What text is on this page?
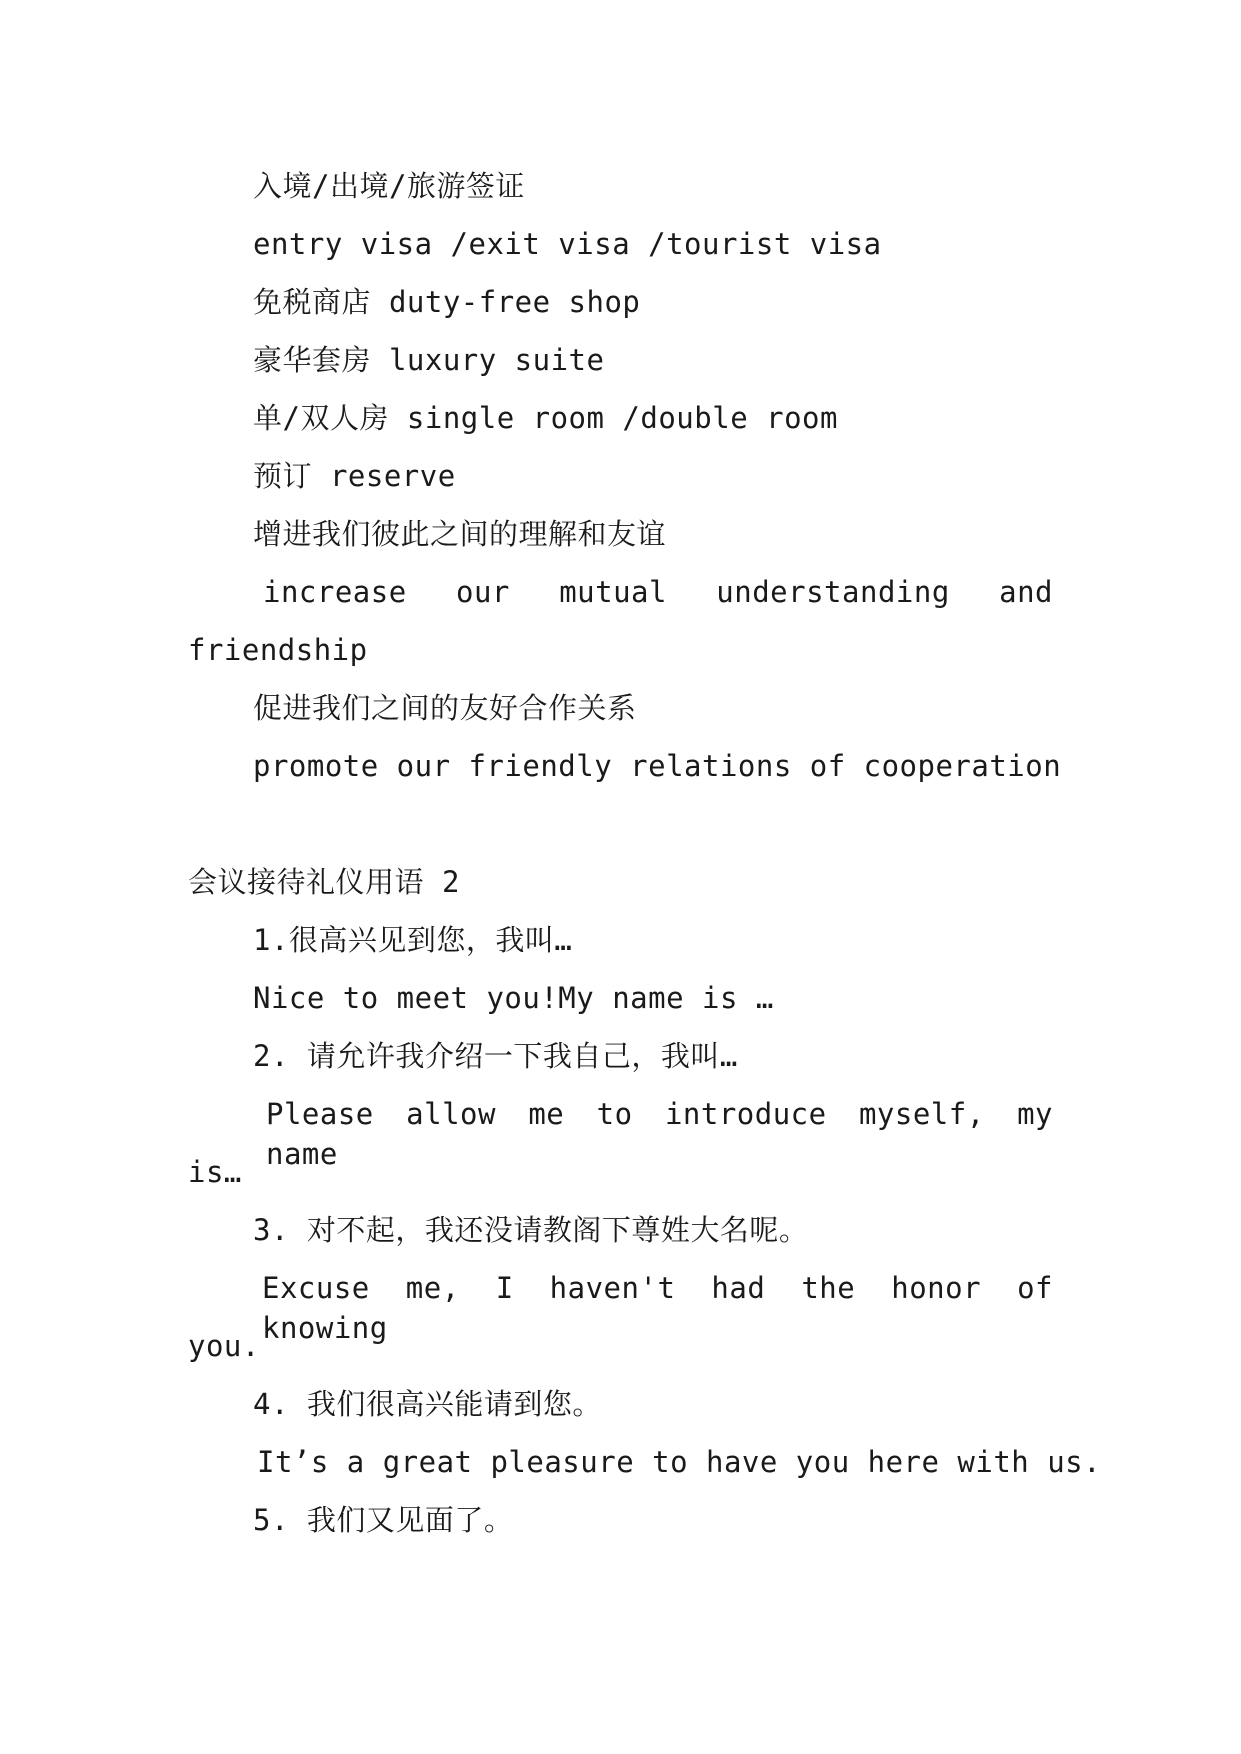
入境/出境/旅游签证
entry visa /exit visa /tourist visa
免税商店 duty-free shop
豪华套房 luxury suite
单/双人房 single room /double room
预订 reserve
增进我们彼此之间的理解和友谊
increase our mutual understanding and
friendship
促进我们之间的友好合作关系
promote our friendly relations of cooperation
会议接待礼仪用语 2
1.很高兴见到您，我叫…
Nice to meet you!My name is …
2. 请允许我介绍一下我自己，我叫…
Please allow me to introduce myself, my name
is…
3. 对不起，我还没请教阁下尊姓大名呢。
Excuse me, I haven't had the honor of knowing
you.
4. 我们很高兴能请到您。
It’s a great pleasure to have you here with us.
5. 我们又见面了。
